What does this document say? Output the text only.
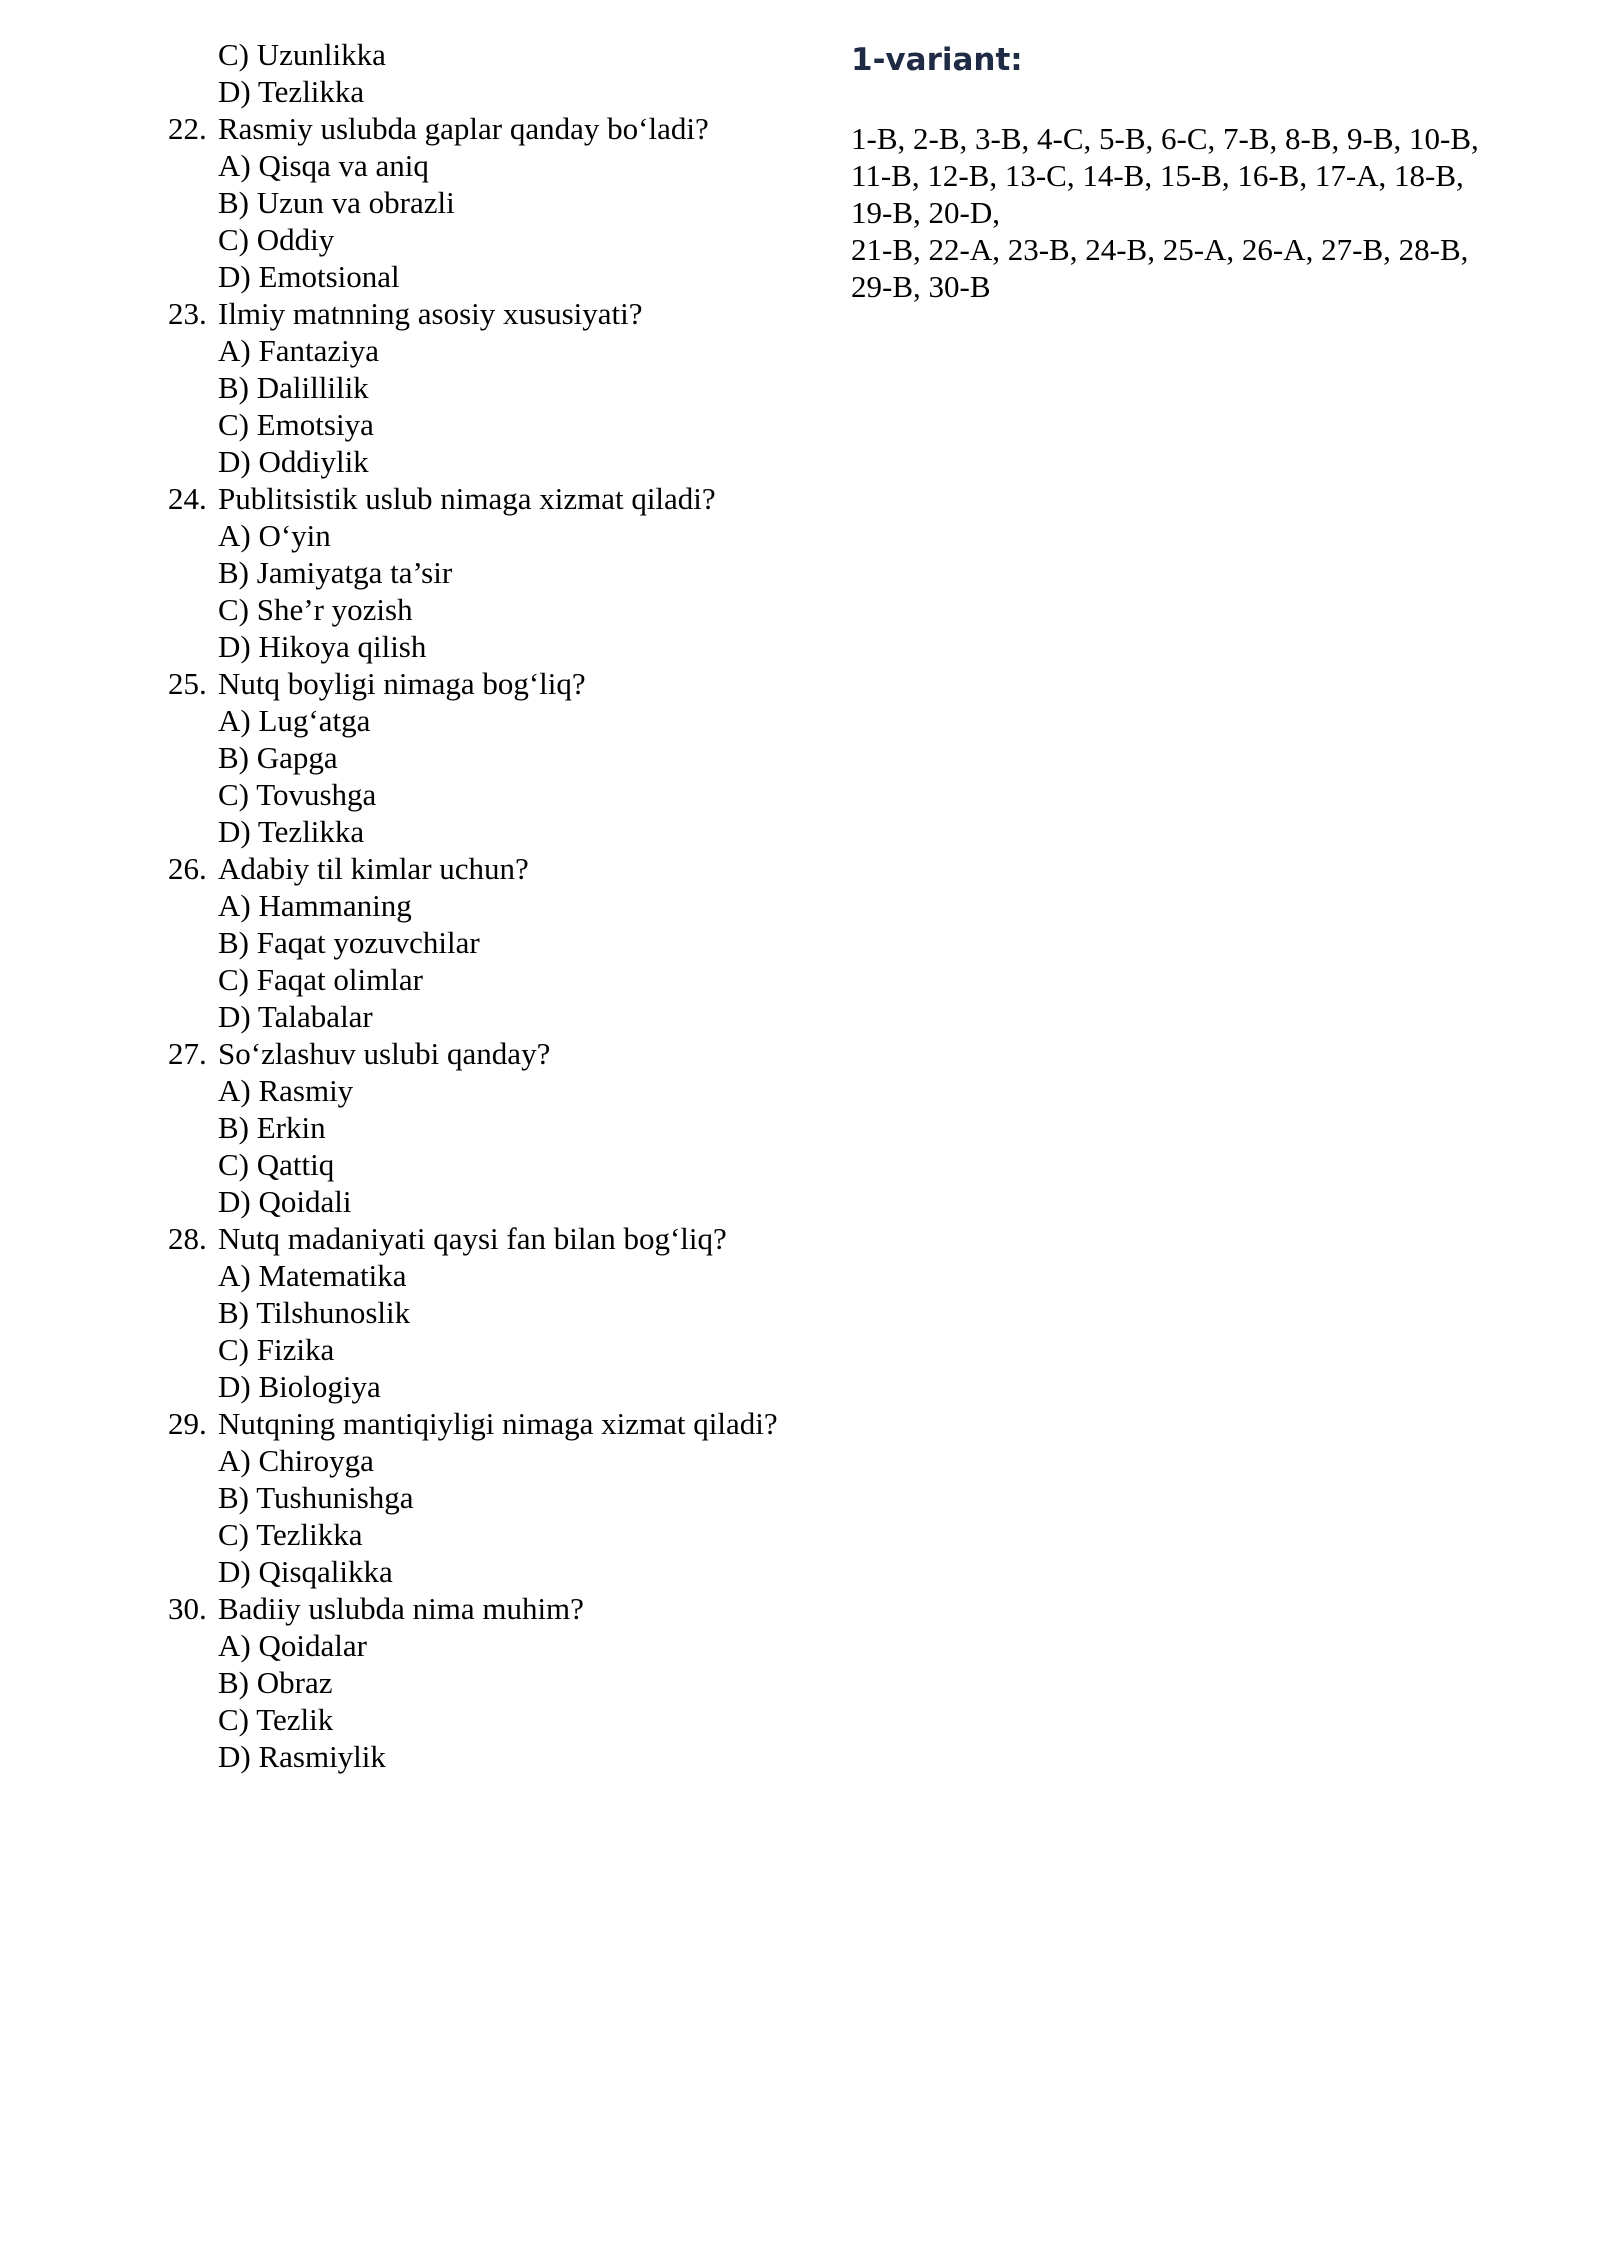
C) Uzunlikka
D) Tezlikka
22. Rasmiy uslubda gaplar qanday bo‘ladi?
A) Qisqa va aniq
B) Uzun va obrazli
C) Oddiy
D) Emotsional
23. Ilmiy matnning asosiy xususiyati?
A) Fantaziya
B) Dalillilik
C) Emotsiya
D) Oddiylik
24. Publitsistik uslub nimaga xizmat qiladi?
A) O‘yin
B) Jamiyatga ta’sir
C) She’r yozish
D) Hikoya qilish
25. Nutq boyligi nimaga bog‘liq?
A) Lug‘atga
B) Gapga
C) Tovushga
D) Tezlikka
26. Adabiy til kimlar uchun?
A) Hammaning
B) Faqat yozuvchilar
C) Faqat olimlar
D) Talabalar
27. So‘zlashuv uslubi qanday?
A) Rasmiy
B) Erkin
C) Qattiq
D) Qoidali
28. Nutq madaniyati qaysi fan bilan bog‘liq?
A) Matematika
B) Tilshunoslik
C) Fizika
D) Biologiya
29. Nutqning mantiqiyligi nimaga xizmat qiladi?
A) Chiroyga
B) Tushunishga
C) Tezlikka
D) Qisqalikka
30. Badiiy uslubda nima muhim?
A) Qoidalar
B) Obraz
C) Tezlik
D) Rasmiylik
1-variant:
1-B, 2-B, 3-B, 4-C, 5-B, 6-C, 7-B, 8-B, 9-B, 10-B,
11-B, 12-B, 13-C, 14-B, 15-B, 16-B, 17-A, 18-B, 19-B, 20-D,
21-B, 22-A, 23-B, 24-B, 25-A, 26-A, 27-B, 28-B, 29-B, 30-B
